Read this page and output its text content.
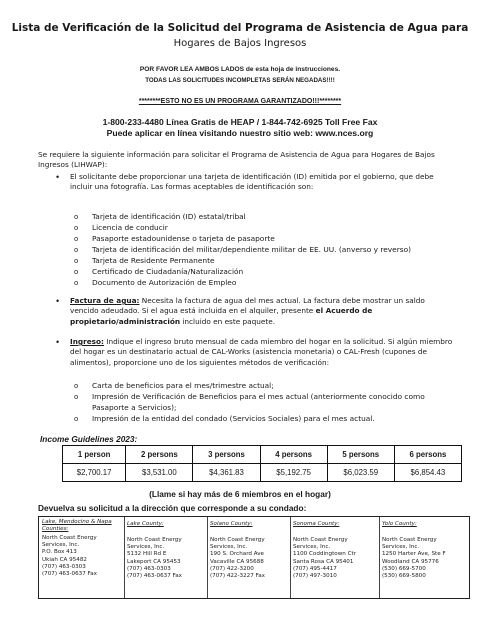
Lista de Verificación de la Solicitud del Programa de Asistencia de Agua para
Hogares de Bajos Ingresos
POR FAVOR LEA AMBOS LADOS de esta hoja de instrucciones.
TODAS LAS SOLICITUDES INCOMPLETAS SERÁN NEGADAS!!!!
********ESTO NO ES UN PROGRAMA GARANTIZADO!!!********
1-800-233-4480 Línea Gratis de HEAP / 1-844-742-6925 Toll Free Fax
Puede aplicar en línea visitando nuestro sitio web: www.nces.org
Se requiere la siguiente información para solicitar el Programa de Asistencia de Agua para Hogares de Bajos Ingresos (LIHWAP):
• El solicitante debe proporcionar una tarjeta de identificación (ID) emitida por el gobierno, que debe incluir una fotografía. Las formas aceptables de identificación son:
o Tarjeta de identificación (ID) estatal/tribal
o Licencia de conducir
o Pasaporte estadounidense o tarjeta de pasaporte
o Tarjeta de identificación del militar/dependiente militar de EE. UU. (anverso y reverso)
o Tarjeta de Residente Permanente
o Certificado de Ciudadanía/Naturalización
o Documento de Autorización de Empleo
• Factura de agua: Necesita la factura de agua del mes actual. La factura debe mostrar un saldo vencido adeudado. Si el agua está incluida en el alquiler, presente el Acuerdo de propietario/administración incluido en este paquete.
• Ingreso: Indique el ingreso bruto mensual de cada miembro del hogar en la solicitud. Si algún miembro del hogar es un destinatario actual de CAL-Works (asistencia monetaria) o CAL-Fresh (cupones de alimentos), proporcione uno de los siguientes métodos de verificación:
o Carta de beneficios para el mes/trimestre actual;
o Impresión de Verificación de Beneficios para el mes actual (anteriormente conocido como Pasaporte a Servicios);
o Impresión de la entidad del condado (Servicios Sociales) para el mes actual.
Income Guidelines 2023:
1 person	2 persons	3 persons	4 persons	5 persons	6 persons
$2,700.17	$3,531.00	$4,361.83	$5,192.75	$6,023.59	$6,854.43
(Llame si hay más de 6 miembros en el hogar)
Devuelva su solicitud a la dirección que corresponde a su condado:
Lake, Mendocino & Napa Counties:
North Coast Energy
Services, Inc.
P.O. Box 413
Ukiah CA 95482
(707) 463-0303
(707) 463-0637 Fax
Lake County:
North Coast Energy
Services, Inc.
5132 Hill Rd E
Lakeport CA 95453
(707) 463-0303
(707) 463-0637 Fax
Solano County:
North Coast Energy
Services, Inc.
190 S. Orchard Ave
Vacaville CA 95688
(707) 422-3200
(707) 422-3227 Fax
Sonoma County:
North Coast Energy
Services, Inc.
1100 Coddingtown Ctr
Santa Rosa CA 95401
(707) 495-4417
(707) 497-3010
Yolo County:
North Coast Energy
Services, Inc.
1250 Harter Ave, Ste F
Woodland CA 95776
(530) 669-5700
(530) 669-5800
